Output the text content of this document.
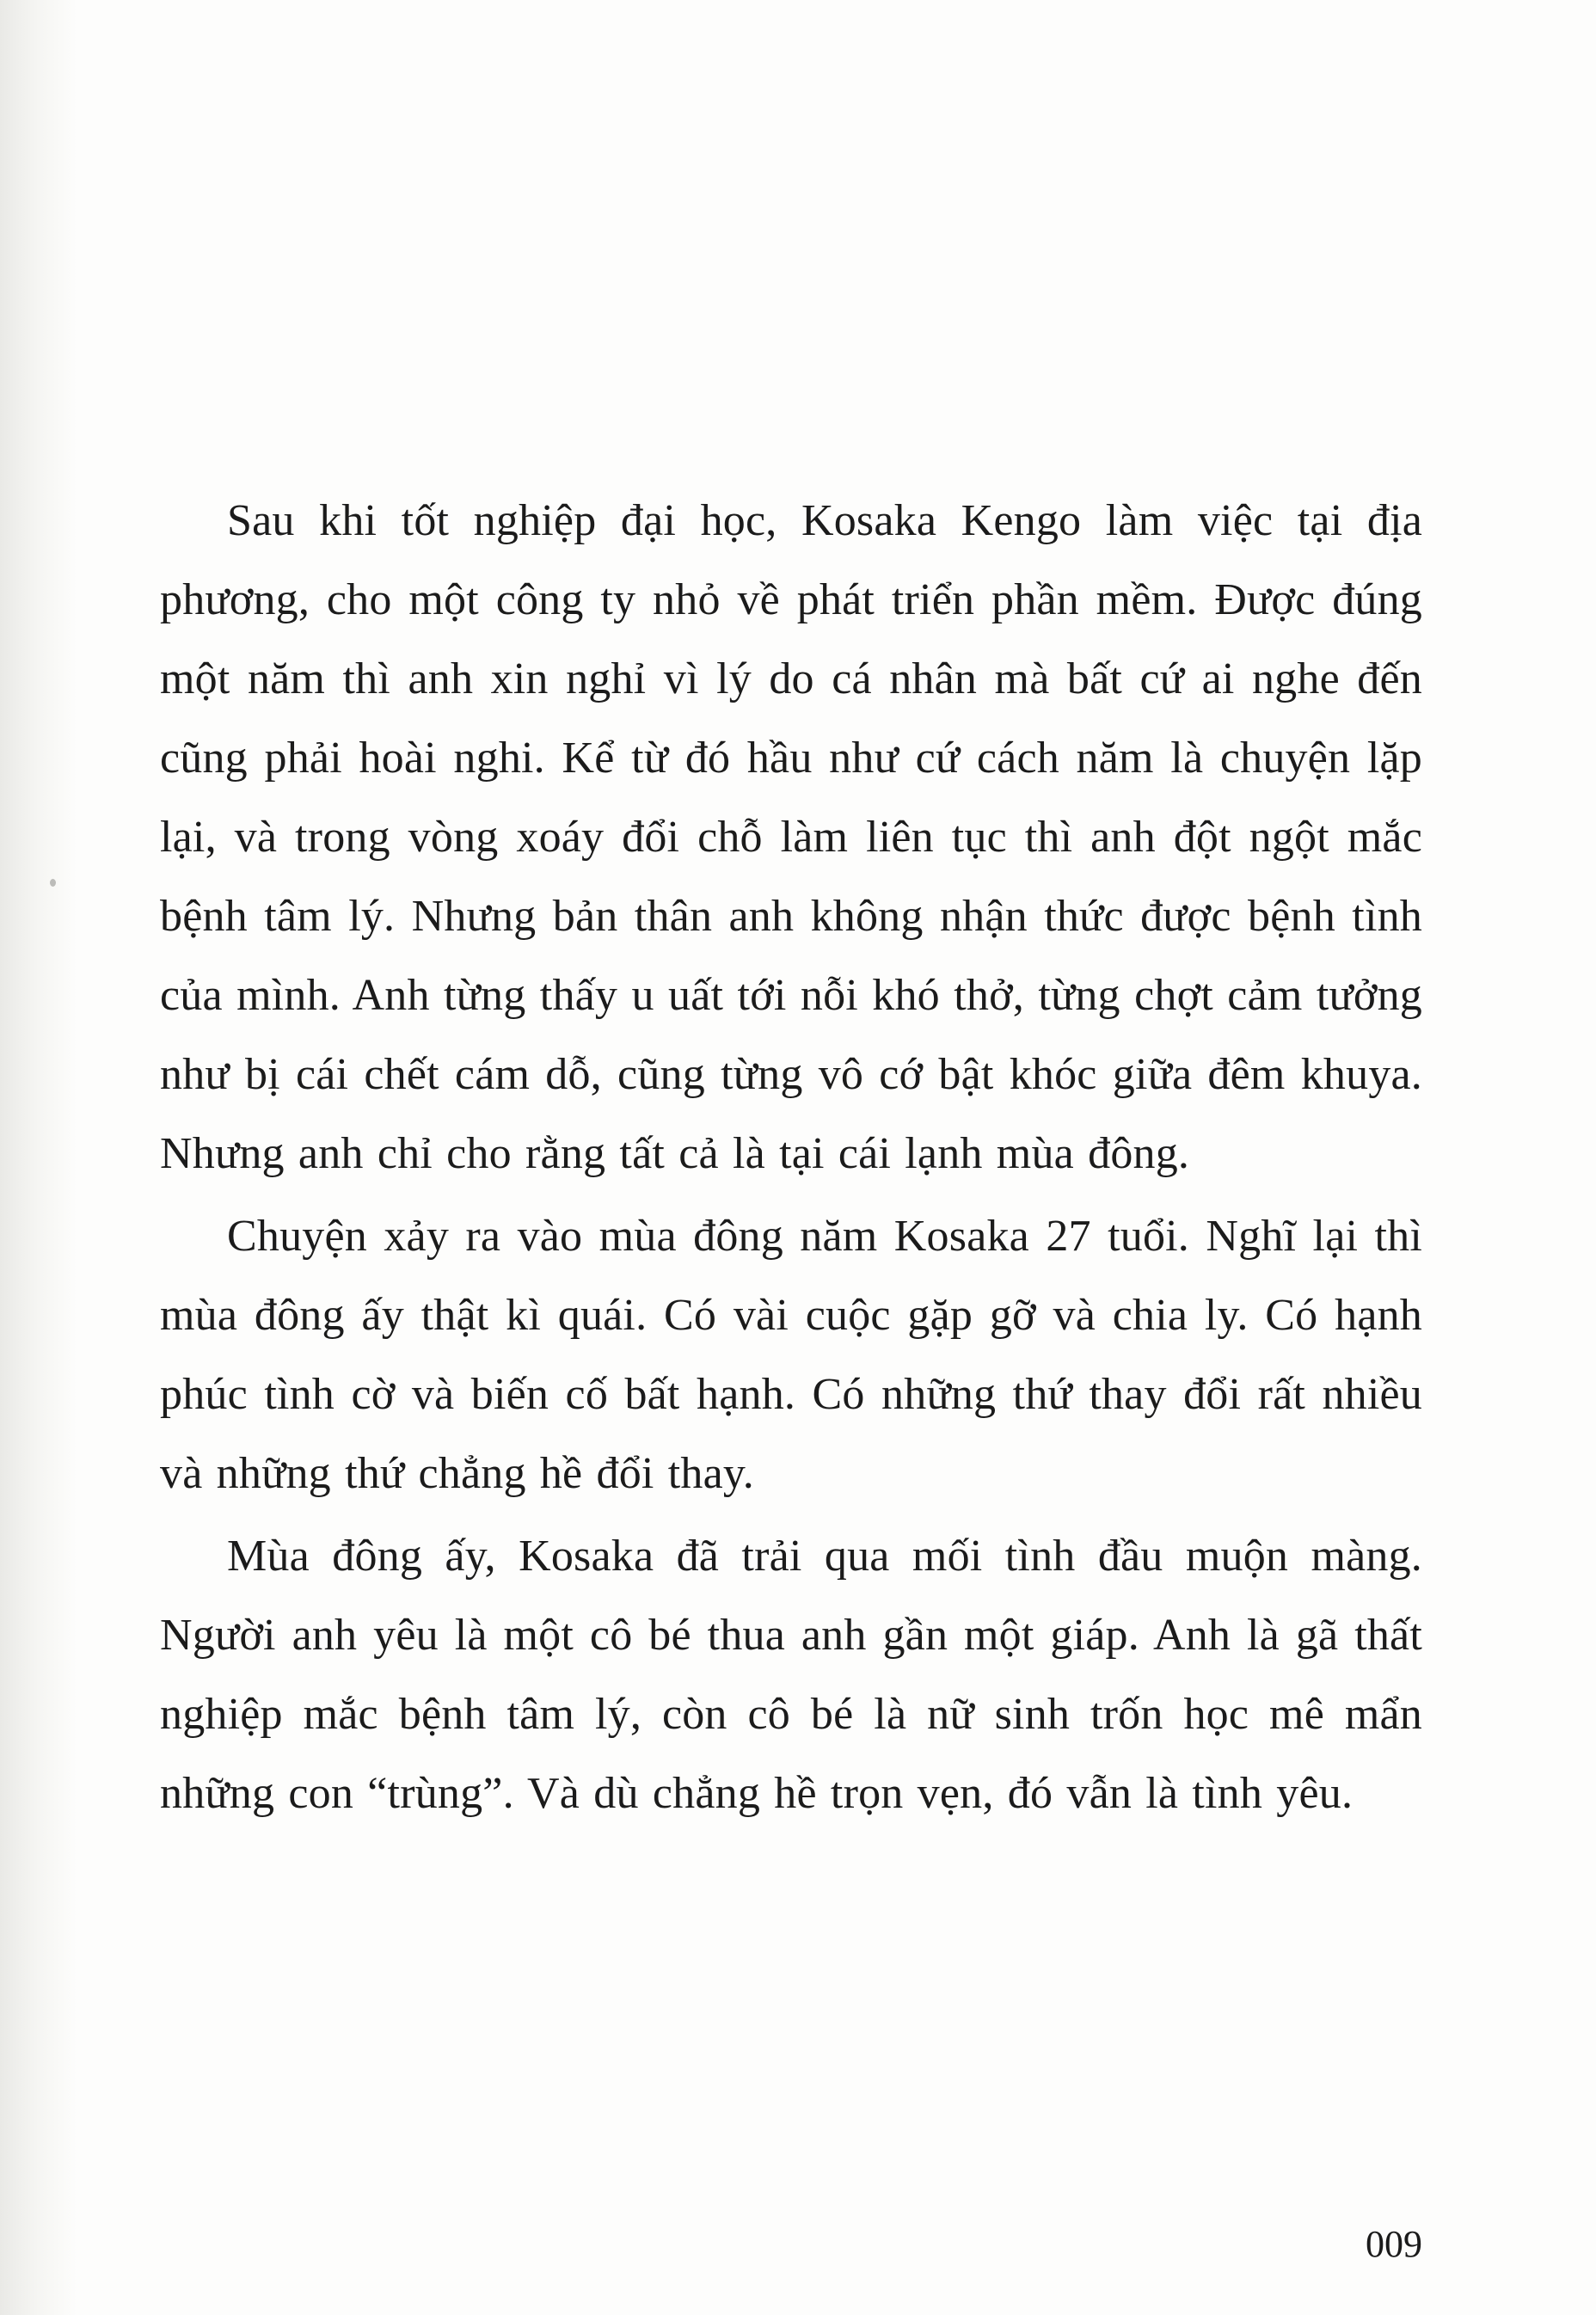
Sau khi tốt nghiệp đại học, Kosaka Kengo làm việc tại địa phương, cho một công ty nhỏ về phát triển phần mềm. Được đúng một năm thì anh xin nghỉ vì lý do cá nhân mà bất cứ ai nghe đến cũng phải hoài nghi. Kể từ đó hầu như cứ cách năm là chuyện lặp lại, và trong vòng xoáy đổi chỗ làm liên tục thì anh đột ngột mắc bệnh tâm lý. Nhưng bản thân anh không nhận thức được bệnh tình của mình. Anh từng thấy u uất tới nỗi khó thở, từng chợt cảm tưởng như bị cái chết cám dỗ, cũng từng vô cớ bật khóc giữa đêm khuya. Nhưng anh chỉ cho rằng tất cả là tại cái lạnh mùa đông.

Chuyện xảy ra vào mùa đông năm Kosaka 27 tuổi. Nghĩ lại thì mùa đông ấy thật kì quái. Có vài cuộc gặp gỡ và chia ly. Có hạnh phúc tình cờ và biến cố bất hạnh. Có những thứ thay đổi rất nhiều và những thứ chẳng hề đổi thay.

Mùa đông ấy, Kosaka đã trải qua mối tình đầu muộn màng. Người anh yêu là một cô bé thua anh gần một giáp. Anh là gã thất nghiệp mắc bệnh tâm lý, còn cô bé là nữ sinh trốn học mê mẩn những con “trùng”. Và dù chẳng hề trọn vẹn, đó vẫn là tình yêu.

009
